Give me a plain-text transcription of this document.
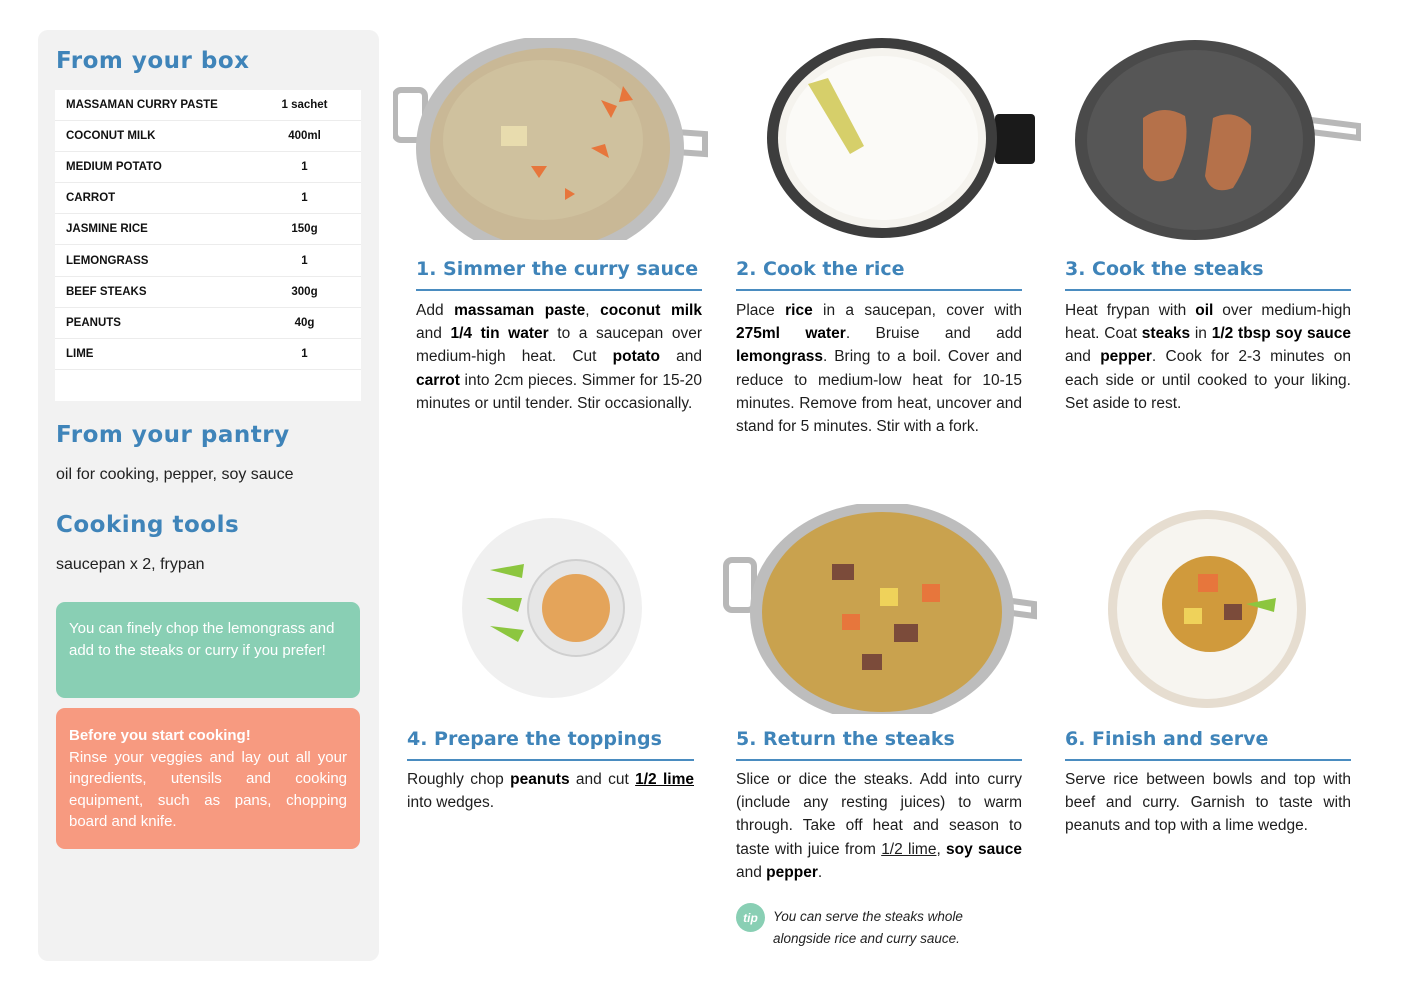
From your box
MASSAMAN CURRY PASTE	1 sachet
COCONUT MILK	400ml
MEDIUM POTATO	1
CARROT	1
JASMINE RICE	150g
LEMONGRASS	1
BEEF STEAKS	300g
PEANUTS	40g
LIME	1
From your pantry
oil for cooking, pepper, soy sauce
Cooking tools
saucepan x 2, frypan
You can finely chop the lemongrass and add to the steaks or curry if you prefer!
Before you start cooking!
Rinse your veggies and lay out all your ingredients, utensils and cooking equipment, such as pans, chopping board and knife.
1. Simmer the curry sauce 2. Cook the rice	3. Cook the steaks
4. Prepare the toppings	5. Return the steaks	6. Finish and serve

Add massaman paste, coconut milk and 1/4 tin water to a saucepan over medium-high heat. Cut potato and carrot into 2cm pieces. Simmer for 15-20 minutes or until tender. Stir occasionally.

Place rice in a saucepan, cover with 275ml water. Bruise and add lemongrass. Bring to a boil. Cover and reduce to medium-low heat for 10-15 minutes. Remove from heat, uncover and stand for 5 minutes. Stir with a fork.

Heat frypan with oil over medium-high heat. Coat steaks in 1/2 tbsp soy sauce and pepper. Cook for 2-3 minutes on each side or until cooked to your liking. Set aside to rest.

Roughly chop peanuts and cut 1/2 lime into wedges.

Slice or dice the steaks. Add into curry (include any resting juices) to warm through. Take off heat and season to taste with juice from 1/2 lime, soy sauce and pepper.

Serve rice between bowls and top with beef and curry. Garnish to taste with peanuts and top with a lime wedge.

tip	You can serve the steaks whole alongside rice and curry sauce.
